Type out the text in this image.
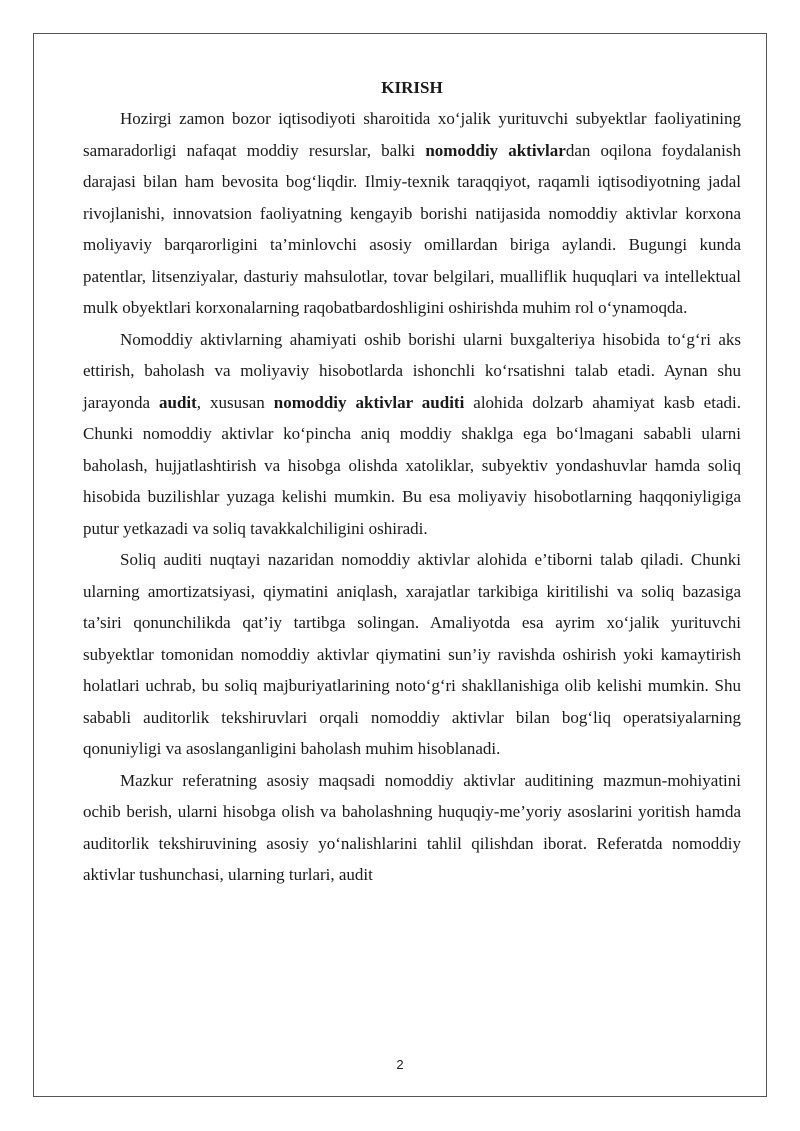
KIRISH

Hozirgi zamon bozor iqtisodiyoti sharoitida xo‘jalik yurituvchi subyektlar faoliyatining samaradorligi nafaqat moddiy resurslar, balki nomoddiy aktivlardan oqilona foydalanish darajasi bilan ham bevosita bog‘liqdir. Ilmiy-texnik taraqqiyot, raqamli iqtisodiyotning jadal rivojlanishi, innovatsion faoliyatning kengayib borishi natijasida nomoddiy aktivlar korxona moliyaviy barqarorligini ta’minlovchi asosiy omillardan biriga aylandi. Bugungi kunda patentlar, litsenziyalar, dasturiy mahsulotlar, tovar belgilari, mualliflik huquqlari va intellektual mulk obyektlari korxonalarning raqobatbardoshligini oshirishda muhim rol o‘ynamoqda.

Nomoddiy aktivlarning ahamiyati oshib borishi ularni buxgalteriya hisobida to‘g‘ri aks ettirish, baholash va moliyaviy hisobotlarda ishonchli ko‘rsatishni talab etadi. Aynan shu jarayonda audit, xususan nomoddiy aktivlar auditi alohida dolzarb ahamiyat kasb etadi. Chunki nomoddiy aktivlar ko‘pincha aniq moddiy shaklga ega bo‘lmagani sababli ularni baholash, hujjatlashtirish va hisobga olishda xatoliklar, subyektiv yondashuvlar hamda soliq hisobida buzilishlar yuzaga kelishi mumkin. Bu esa moliyaviy hisobotlarning haqqoniyligiga putur yetkazadi va soliq tavakkalchiligini oshiradi.

Soliq auditi nuqtayi nazaridan nomoddiy aktivlar alohida e’tiborni talab qiladi. Chunki ularning amortizatsiyasi, qiymatini aniqlash, xarajatlar tarkibiga kiritilishi va soliq bazasiga ta’siri qonunchilikda qat’iy tartibga solingan. Amaliyotda esa ayrim xo‘jalik yurituvchi subyektlar tomonidan nomoddiy aktivlar qiymatini sun’iy ravishda oshirish yoki kamaytirish holatlari uchrab, bu soliq majburiyatlarining noto‘g‘ri shakllanishiga olib kelishi mumkin. Shu sababli auditorlik tekshiruvlari orqali nomoddiy aktivlar bilan bog‘liq operatsiyalarning qonuniyligi va asoslanganligini baholash muhim hisoblanadi.

Mazkur referatning asosiy maqsadi nomoddiy aktivlar auditining mazmun-mohiyatini ochib berish, ularni hisobga olish va baholashning huquqiy-me’yoriy asoslarini yoritish hamda auditorlik tekshiruvining asosiy yo‘nalishlarini tahlil qilishdan iborat. Referatda nomoddiy aktivlar tushunchasi, ularning turlari, audit

2
